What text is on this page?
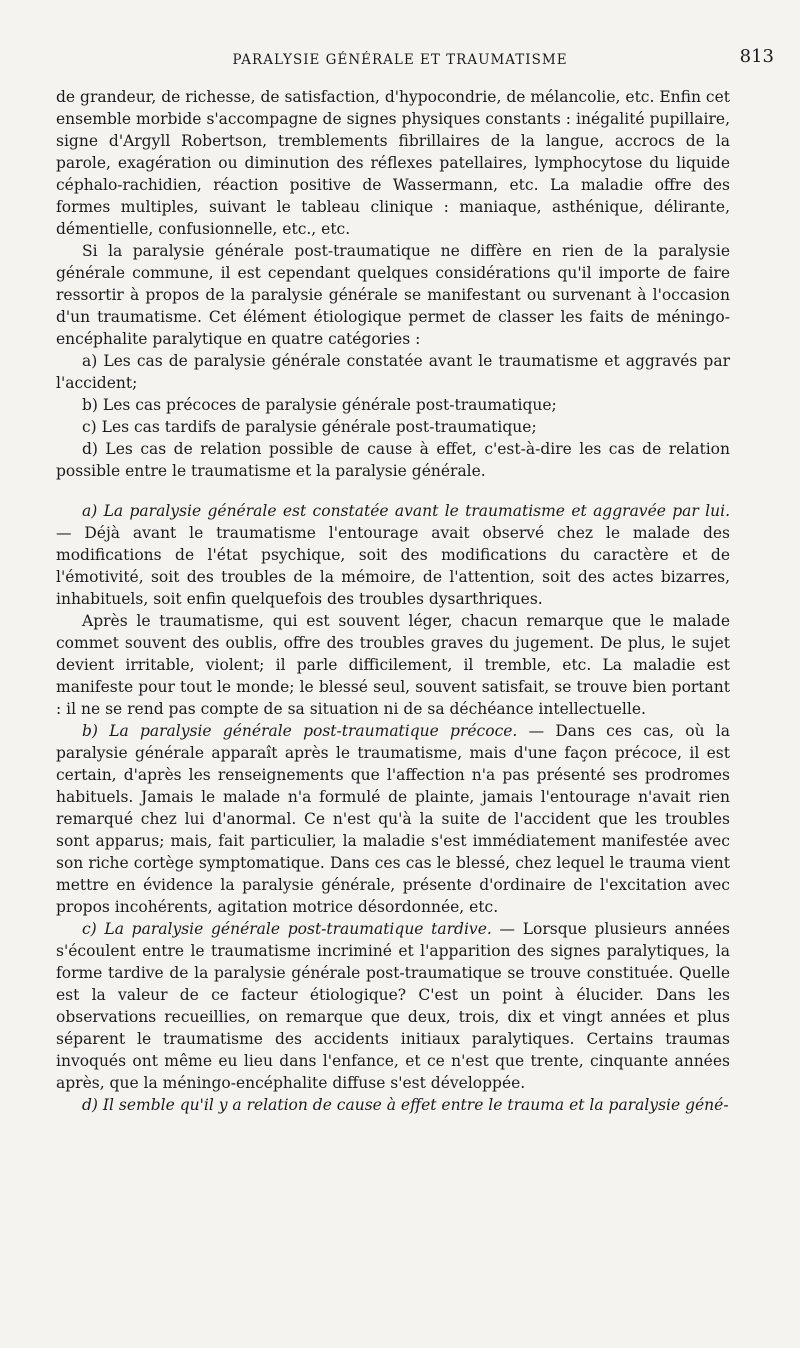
PARALYSIE GÉNÉRALE ET TRAUMATISME	813

de grandeur, de richesse, de satisfaction, d'hypocondrie, de mélancolie, etc. Enfin cet ensemble morbide s'accompagne de signes physiques constants : inégalité pupillaire, signe d'Argyll Robertson, tremblements fibrillaires de la langue, accrocs de la parole, exagération ou diminution des réflexes patellaires, lymphocytose du liquide céphalo-rachidien, réaction positive de Wassermann, etc. La maladie offre des formes multiples, suivant le tableau clinique : maniaque, asthénique, délirante, démentielle, confusionnelle, etc., etc.

Si la paralysie générale post-traumatique ne diffère en rien de la paralysie générale commune, il est cependant quelques considérations qu'il importe de faire ressortir à propos de la paralysie générale se manifestant ou survenant à l'occasion d'un traumatisme. Cet élément étiologique permet de classer les faits de méningo-encéphalite paralytique en quatre catégories :

a) Les cas de paralysie générale constatée avant le traumatisme et aggravés par l'accident;

b) Les cas précoces de paralysie générale post-traumatique;

c) Les cas tardifs de paralysie générale post-traumatique;

d) Les cas de relation possible de cause à effet, c'est-à-dire les cas de relation possible entre le traumatisme et la paralysie générale.

a) La paralysie générale est constatée avant le traumatisme et aggravée par lui. — Déjà avant le traumatisme l'entourage avait observé chez le malade des modifications de l'état psychique, soit des modifications du caractère et de l'émotivité, soit des troubles de la mémoire, de l'attention, soit des actes bizarres, inhabituels, soit enfin quelquefois des troubles dysarthriques.

Après le traumatisme, qui est souvent léger, chacun remarque que le malade commet souvent des oublis, offre des troubles graves du jugement. De plus, le sujet devient irritable, violent; il parle difficilement, il tremble, etc. La maladie est manifeste pour tout le monde; le blessé seul, souvent satisfait, se trouve bien portant : il ne se rend pas compte de sa situation ni de sa déchéance intellectuelle.

b) La paralysie générale post-traumatique précoce. — Dans ces cas, où la paralysie générale apparaît après le traumatisme, mais d'une façon précoce, il est certain, d'après les renseignements que l'affection n'a pas présenté ses prodromes habituels. Jamais le malade n'a formulé de plainte, jamais l'entourage n'avait rien remarqué chez lui d'anormal. Ce n'est qu'à la suite de l'accident que les troubles sont apparus; mais, fait particulier, la maladie s'est immédiatement manifestée avec son riche cortège symptomatique. Dans ces cas le blessé, chez lequel le trauma vient mettre en évidence la paralysie générale, présente d'ordinaire de l'excitation avec propos incohérents, agitation motrice désordonnée, etc.

c) La paralysie générale post-traumatique tardive. — Lorsque plusieurs années s'écoulent entre le traumatisme incriminé et l'apparition des signes paralytiques, la forme tardive de la paralysie générale post-traumatique se trouve constituée. Quelle est la valeur de ce facteur étiologique? C'est un point à élucider. Dans les observations recueillies, on remarque que deux, trois, dix et vingt années et plus séparent le traumatisme des accidents initiaux paralytiques. Certains traumas invoqués ont même eu lieu dans l'enfance, et ce n'est que trente, cinquante années après, que la méningo-encéphalite diffuse s'est développée.

d) Il semble qu'il y a relation de cause à effet entre le trauma et la paralysie géné-
